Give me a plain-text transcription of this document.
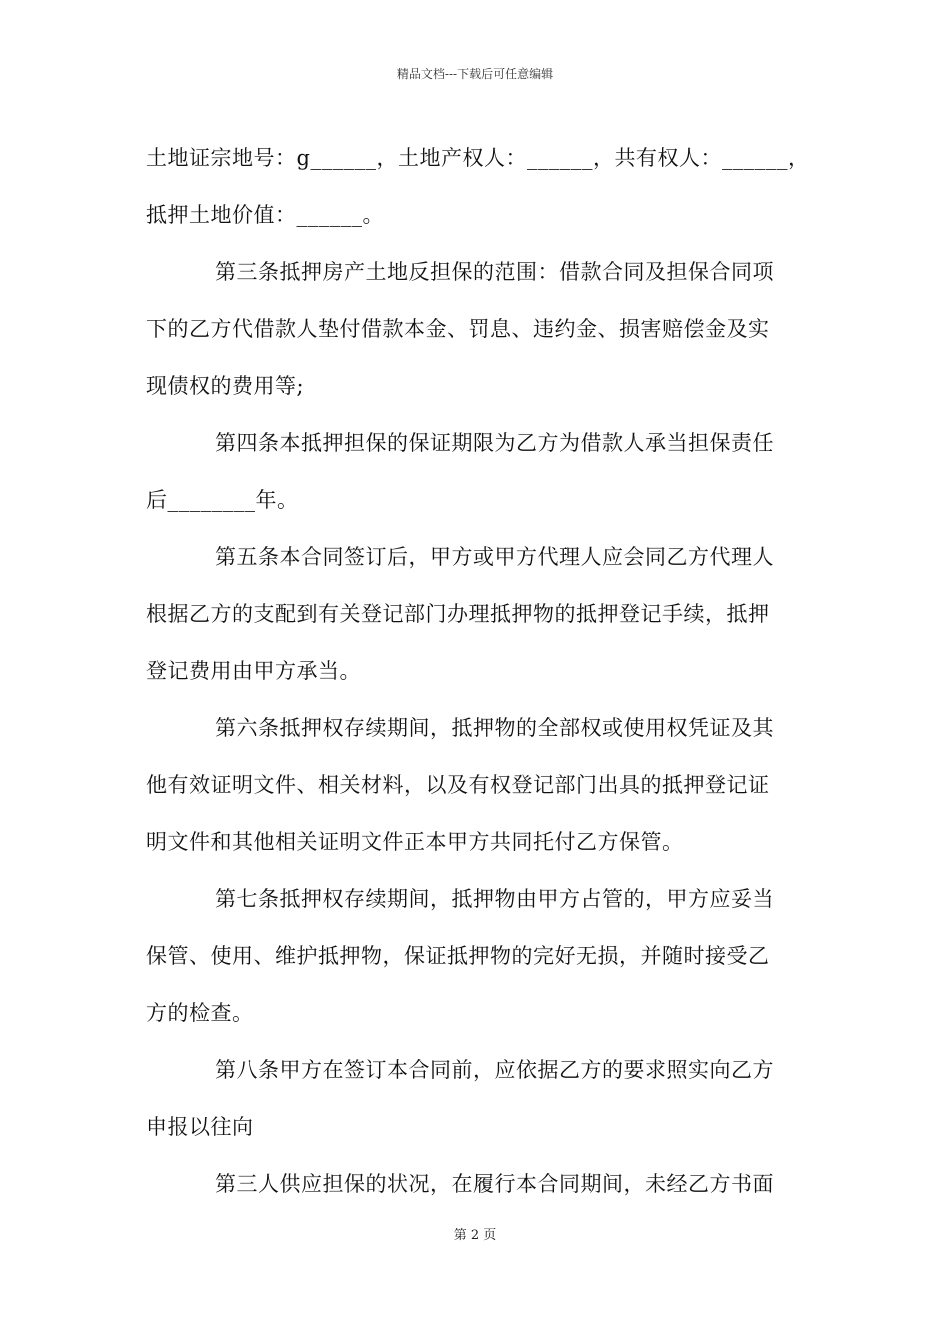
精品文档---下载后可任意编辑

土地证宗地号：g______，土地产权人：______，共有权人：______，

抵押土地价值：______。

第三条抵押房产土地反担保的范围：借款合同及担保合同项

下的乙方代借款人垫付借款本金、罚息、违约金、损害赔偿金及实

现债权的费用等;

第四条本抵押担保的保证期限为乙方为借款人承当担保责任

后________年。

第五条本合同签订后，甲方或甲方代理人应会同乙方代理人

根据乙方的支配到有关登记部门办理抵押物的抵押登记手续，抵押

登记费用由甲方承当。

第六条抵押权存续期间，抵押物的全部权或使用权凭证及其

他有效证明文件、相关材料，以及有权登记部门出具的抵押登记证

明文件和其他相关证明文件正本甲方共同托付乙方保管。

第七条抵押权存续期间，抵押物由甲方占管的，甲方应妥当

保管、使用、维护抵押物，保证抵押物的完好无损，并随时接受乙

方的检查。

第八条甲方在签订本合同前，应依据乙方的要求照实向乙方

申报以往向

第三人供应担保的状况，在履行本合同期间，未经乙方书面

第 2 页
